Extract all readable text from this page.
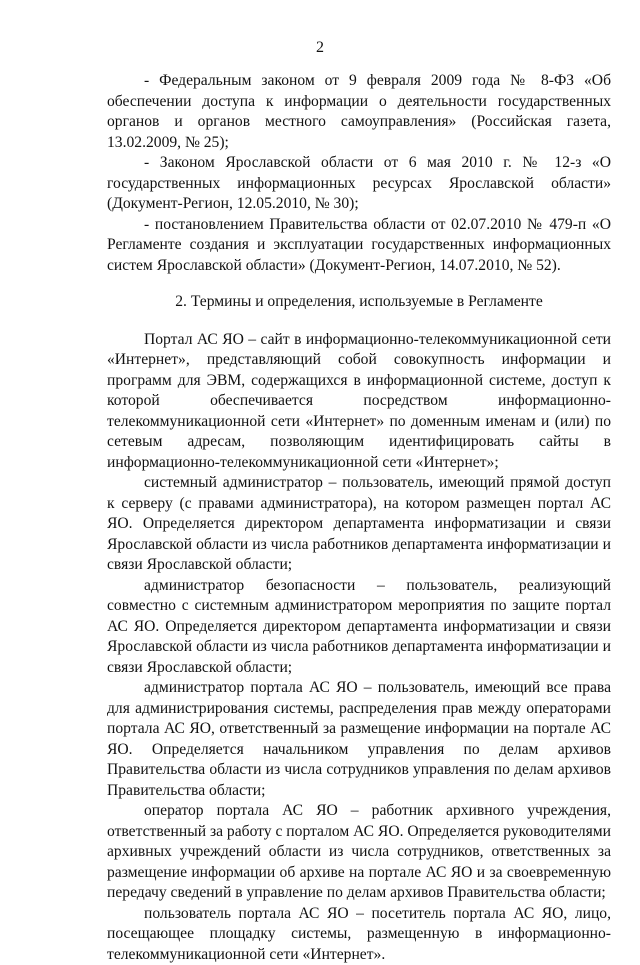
2

- Федеральным законом от 9 февраля 2009 года № 8-ФЗ «Об обеспечении доступа к информации о деятельности государственных органов и органов местного самоуправления» (Российская газета, 13.02.2009, № 25);

- Законом Ярославской области от 6 мая 2010 г. № 12-з «О государственных информационных ресурсах Ярославской области» (Документ-Регион, 12.05.2010, № 30);

- постановлением Правительства области от 02.07.2010 № 479-п «О Регламенте создания и эксплуатации государственных информационных систем Ярославской области» (Документ-Регион, 14.07.2010, № 52).

2. Термины и определения, используемые в Регламенте

Портал АС ЯО – сайт в информационно-телекоммуникационной сети «Интернет», представляющий собой совокупность информации и программ для ЭВМ, содержащихся в информационной системе, доступ к которой обеспечивается посредством информационно-телекоммуникационной сети «Интернет» по доменным именам и (или) по сетевым адресам, позволяющим идентифицировать сайты в информационно-телекоммуникационной сети «Интернет»;

системный администратор – пользователь, имеющий прямой доступ к серверу (с правами администратора), на котором размещен портал АС ЯО. Определяется директором департамента информатизации и связи Ярославской области из числа работников департамента информатизации и связи Ярославской области;

администратор безопасности – пользователь, реализующий совместно с системным администратором мероприятия по защите портал АС ЯО. Определяется директором департамента информатизации и связи Ярославской области из числа работников департамента информатизации и связи Ярославской области;

администратор портала АС ЯО – пользователь, имеющий все права для администрирования системы, распределения прав между операторами портала АС ЯО, ответственный за размещение информации на портале АС ЯО. Определяется начальником управления по делам архивов Правительства области из числа сотрудников управления по делам архивов Правительства области;

оператор портала АС ЯО – работник архивного учреждения, ответственный за работу с порталом АС ЯО. Определяется руководителями архивных учреждений области из числа сотрудников, ответственных за размещение информации об архиве на портале АС ЯО и за своевременную передачу сведений в управление по делам архивов Правительства области;

пользователь портала АС ЯО – посетитель портала АС ЯО, лицо, посещающее площадку системы, размещенную в информационно-телекоммуникационной сети «Интернет».
